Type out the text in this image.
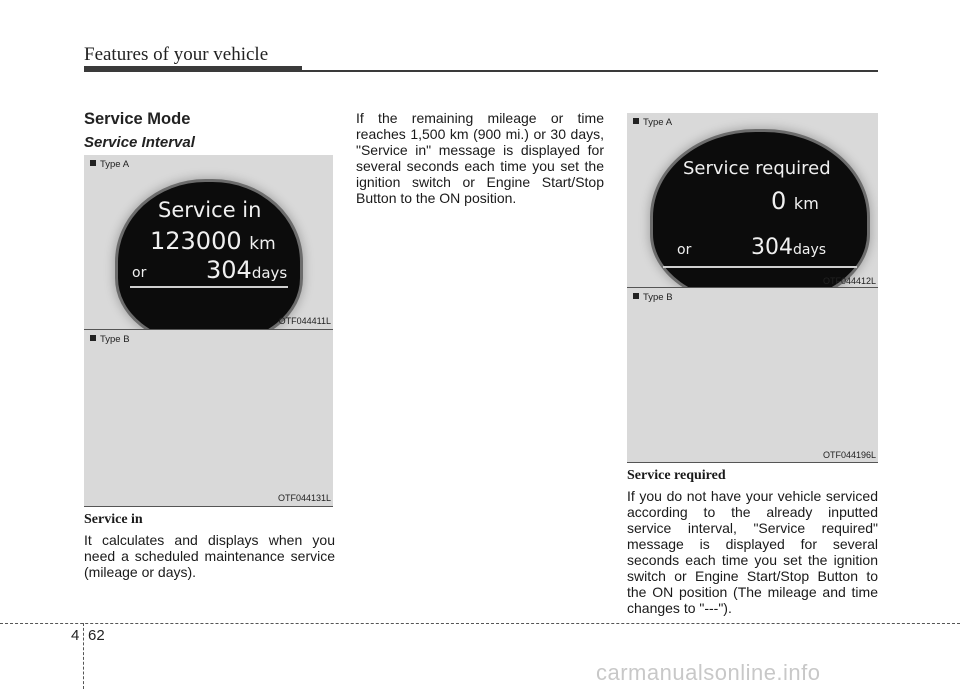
Features of your vehicle
Service Mode
Service Interval
Type A
Service in
123000 km
or 304days
OTF044411L
Type B
OTF044131L
Service in
It calculates and displays when you need a scheduled maintenance service (mileage or days).
If the remaining mileage or time reaches 1,500 km (900 mi.) or 30 days, "Service in" message is displayed for several seconds each time you set the ignition switch or Engine Start/Stop Button to the ON position.
Type A
Service required
0 km
or	304days
OTF044412L
Type B
OTF044196L
Service required
If you do not have your vehicle serviced according to the already inputted service interval, "Service required" message is displayed for several seconds each time you set the ignition switch or Engine Start/Stop Button to the ON position (The mileage and time changes to "---").
4 62
carmanualsonline.info
